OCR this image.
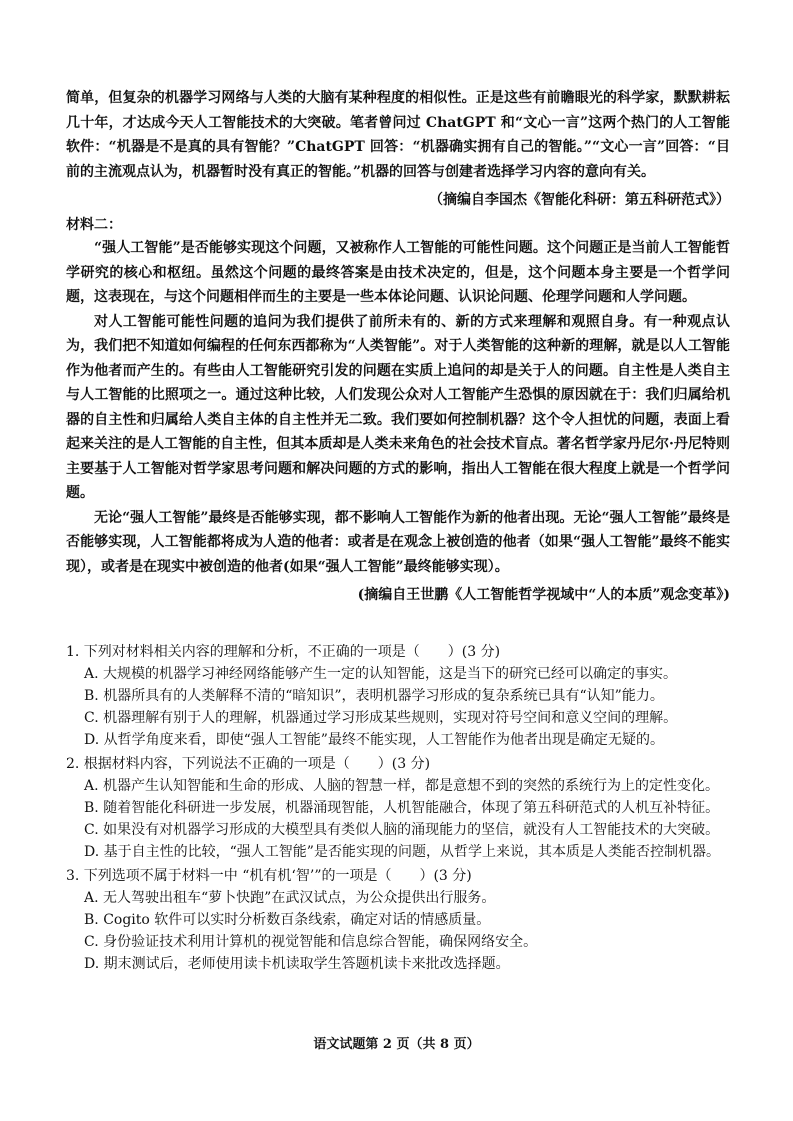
简单，但复杂的机器学习网络与人类的大脑有某种程度的相似性。正是这些有前瞻眼光的科学家，默默耕耘几十年，才达成今天人工智能技术的大突破。笔者曾问过 ChatGPT 和“文心一言”这两个热门的人工智能软件：“机器是不是真的具有智能？”ChatGPT 回答：“机器确实拥有自己的智能。”“文心一言”回答：“目前的主流观点认为，机器暂时没有真正的智能。”机器的回答与创建者选择学习内容的意向有关。

（摘编自李国杰《智能化科研：第五科研范式》）

材料二：

“强人工智能”是否能够实现这个问题，又被称作人工智能的可能性问题。这个问题正是当前人工智能哲学研究的核心和枢纽。虽然这个问题的最终答案是由技术决定的，但是，这个问题本身主要是一个哲学问题，这表现在，与这个问题相伴而生的主要是一些本体论问题、认识论问题、伦理学问题和人学问题。

对人工智能可能性问题的追问为我们提供了前所未有的、新的方式来理解和观照自身。有一种观点认为，我们把不知道如何编程的任何东西都称为“人类智能”。对于人类智能的这种新的理解，就是以人工智能作为他者而产生的。有些由人工智能研究引发的问题在实质上追问的却是关于人的问题。自主性是人类自主与人工智能的比照项之一。通过这种比较，人们发现公众对人工智能产生恐惧的原因就在于：我们归属给机器的自主性和归属给人类自主体的自主性并无二致。我们要如何控制机器？这个令人担忧的问题，表面上看起来关注的是人工智能的自主性，但其本质却是人类未来角色的社会技术盲点。著名哲学家丹尼尔·丹尼特则主要基于人工智能对哲学家思考问题和解决问题的方式的影响，指出人工智能在很大程度上就是一个哲学问题。

无论“强人工智能”最终是否能够实现，都不影响人工智能作为新的他者出现。无论“强人工智能”最终是否能够实现，人工智能都将成为人造的他者：或者是在观念上被创造的他者（如果“强人工智能”最终不能实现），或者是在现实中被创造的他者(如果“强人工智能”最终能够实现）。

(摘编自王世鹏《人工智能哲学视域中“人的本质”观念变革》)

1. 下列对材料相关内容的理解和分析，不正确的一项是（　　）(3 分)

A. 大规模的机器学习神经网络能够产生一定的认知智能，这是当下的研究已经可以确定的事实。

B. 机器所具有的人类解释不清的“暗知识”，表明机器学习形成的复杂系统已具有“认知”能力。

C. 机器理解有别于人的理解，机器通过学习形成某些规则，实现对符号空间和意义空间的理解。

D. 从哲学角度来看，即使“强人工智能”最终不能实现，人工智能作为他者出现是确定无疑的。

2. 根据材料内容，下列说法不正确的一项是（　　）(3 分)

A. 机器产生认知智能和生命的形成、人脑的智慧一样，都是意想不到的突然的系统行为上的定性变化。

B. 随着智能化科研进一步发展，机器涌现智能，人机智能融合，体现了第五科研范式的人机互补特征。

C. 如果没有对机器学习形成的大模型具有类似人脑的涌现能力的坚信，就没有人工智能技术的大突破。

D. 基于自主性的比较，“强人工智能”是否能实现的问题，从哲学上来说，其本质是人类能否控制机器。

3. 下列选项不属于材料一中 “机有机‘智’”的一项是（　　）(3 分)

A. 无人驾驶出租车“萝卜快跑”在武汉试点，为公众提供出行服务。

B. Cogito 软件可以实时分析数百条线索，确定对话的情感质量。

C. 身份验证技术利用计算机的视觉智能和信息综合智能，确保网络安全。

D. 期末测试后，老师使用读卡机读取学生答题机读卡来批改选择题。

语文试题第 2 页（共 8 页）
